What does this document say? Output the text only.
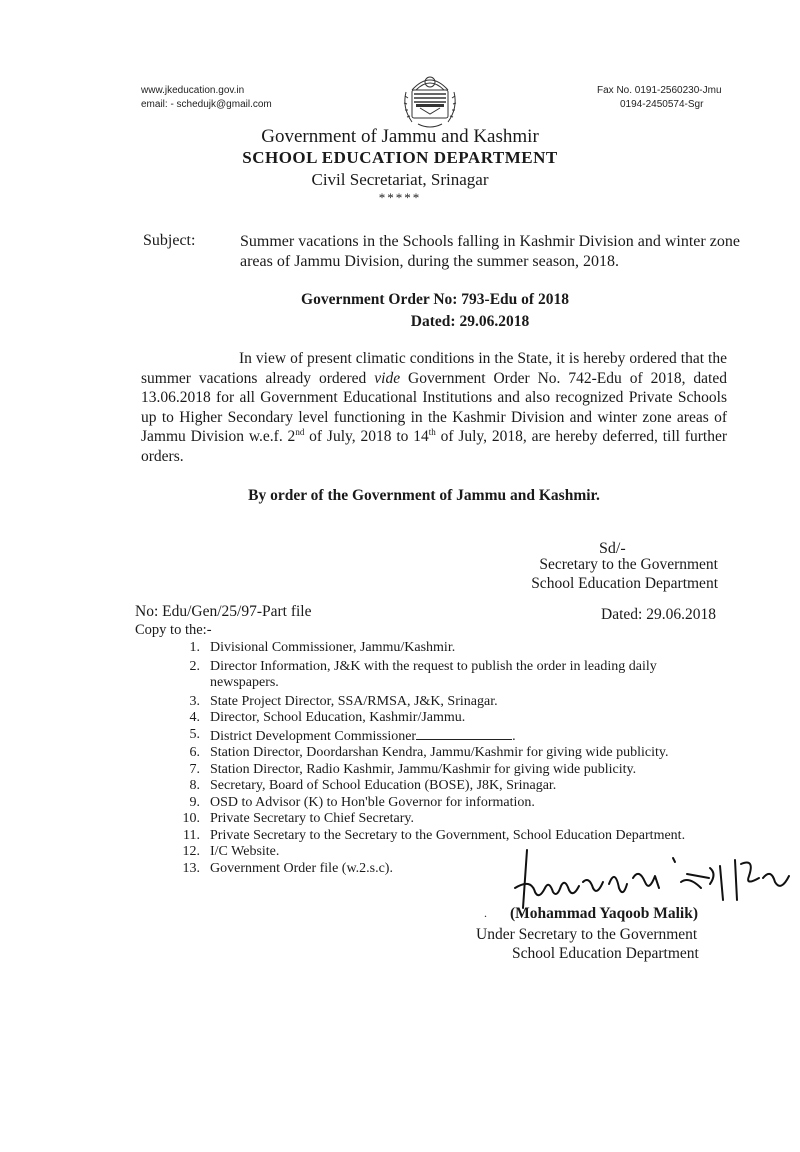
www.jkeducation.gov.in
email: - schedujk@gmail.com
Fax No. 0191-2560230-Jmu
0194-2450574-Sgr
Government of Jammu and Kashmir
SCHOOL EDUCATION DEPARTMENT
Civil Secretariat, Srinagar
*****
Subject:	Summer vacations in the Schools falling in Kashmir Division and winter zone areas of Jammu Division, during the summer season, 2018.
Government Order No: 793-Edu of 2018
Dated: 29.06.2018
In view of present climatic conditions in the State, it is hereby ordered that the summer vacations already ordered vide Government Order No. 742-Edu of 2018, dated 13.06.2018 for all Government Educational Institutions and also recognized Private Schools up to Higher Secondary level functioning in the Kashmir Division and winter zone areas of Jammu Division w.e.f. 2nd of July, 2018 to 14th of July, 2018, are hereby deferred, till further orders.
By order of the Government of Jammu and Kashmir.
Sd/-
Secretary to the Government
School Education Department
No: Edu/Gen/25/97-Part file	Dated: 29.06.2018
Copy to the:-
1. Divisional Commissioner, Jammu/Kashmir.
2. Director Information, J&K with the request to publish the order in leading daily newspapers.
3. State Project Director, SSA/RMSA, J&K, Srinagar.
4. Director, School Education, Kashmir/Jammu.
5. District Development Commissioner	.
6. Station Director, Doordarshan Kendra, Jammu/Kashmir for giving wide publicity.
7. Station Director, Radio Kashmir, Jammu/Kashmir for giving wide publicity.
8. Secretary, Board of School Education (BOSE), J8K, Srinagar.
9. OSD to Advisor (K) to Hon'ble Governor for information.
10. Private Secretary to Chief Secretary.
11. Private Secretary to the Secretary to the Government, School Education Department.
12. I/C Website.
13. Government Order file (w.2.s.c).
. (Mohammad Yaqoob Malik)
Under Secretary to the Government
School Education Department
